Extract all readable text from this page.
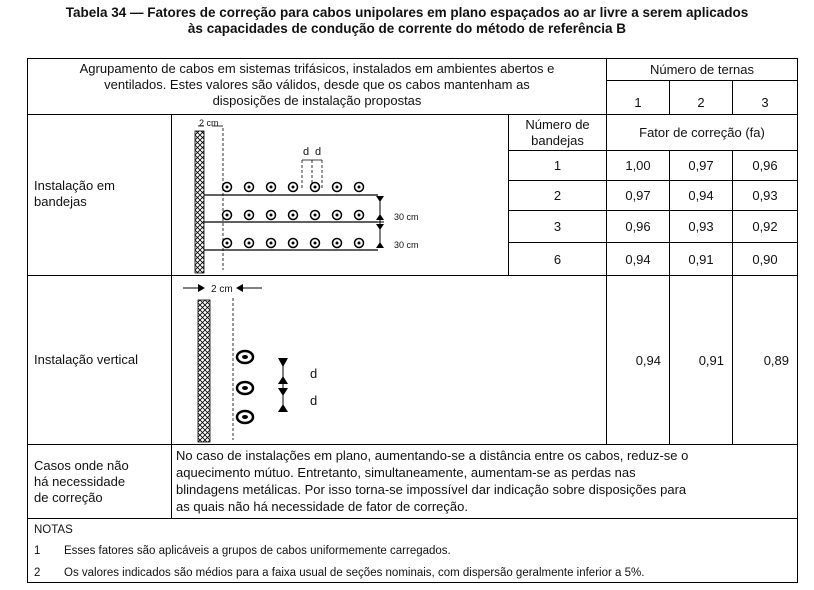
Tabela 34 — Fatores de correção para cabos unipolares em plano espaçados ao ar livre a serem aplicados
às capacidades de condução de corrente do método de referência B
Agrupamento de cabos em sistemas trifásicos, instalados em ambientes abertos e
ventilados. Estes valores são válidos, desde que os cabos mantenham as
disposições de instalação propostas
Número de ternas
1	2	3
Instalação em
bandejas
Número de
bandejas
Fator de correção (fa)
1	1,00	0,97	0,96
2	0,97	0,94	0,93
3	0,96	0,93	0,92
6	0,94	0,91	0,90
2 cm
d d
30 cm
30 cm
Instalação vertical	0,94	0,91	0,89
2 cm
d
d
Casos onde não
há necessidade
de correção
No caso de instalações em plano, aumentando-se a distância entre os cabos, reduz-se o
aquecimento mútuo. Entretanto, simultaneamente, aumentam-se as perdas nas
blindagens metálicas. Por isso torna-se impossível dar indicação sobre disposições para
as quais não há necessidade de fator de correção.
NOTAS
1 Esses fatores são aplicáveis a grupos de cabos uniformemente carregados.
2 Os valores indicados são médios para a faixa usual de seções nominais, com dispersão geralmente inferior a 5%.
